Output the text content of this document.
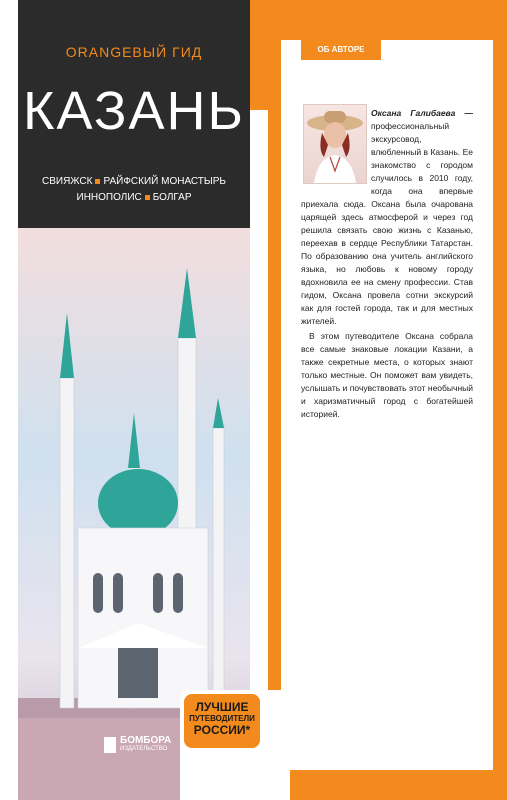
ORANGEВЫЙ ГИД
КАЗАНЬ
СВИЯЖСК РАЙФСКИЙ МОНАСТЫРЬ
ИННОПОЛИС БОЛГАР
БОМБОРА
ИЗДАТЕЛЬСТВО
ЛУЧШИЕ
ПУТЕВОДИТЕЛИ
РОССИИ*
ОБ АВТОРЕ

Оксана Галибаева — профессиональный экскурсовод, влюбленный в Казань. Ее знакомство с городом случилось в 2010 году, когда она впервые приехала сюда. Оксана была очарована царящей здесь атмосферой и через год решила связать свою жизнь с Казанью, переехав в сердце Республики Татарстан. По образованию она учитель английского языка, но любовь к новому городу вдохновила ее на смену профессии. Став гидом, Оксана провела сотни экскурсий как для гостей города, так и для местных жителей.

В этом путеводителе Оксана собрала все самые знаковые локации Казани, а также секретные места, о которых знают только местные. Он поможет вам увидеть, услышать и почувствовать этот необычный и харизматичный город с богатейшей историей.
